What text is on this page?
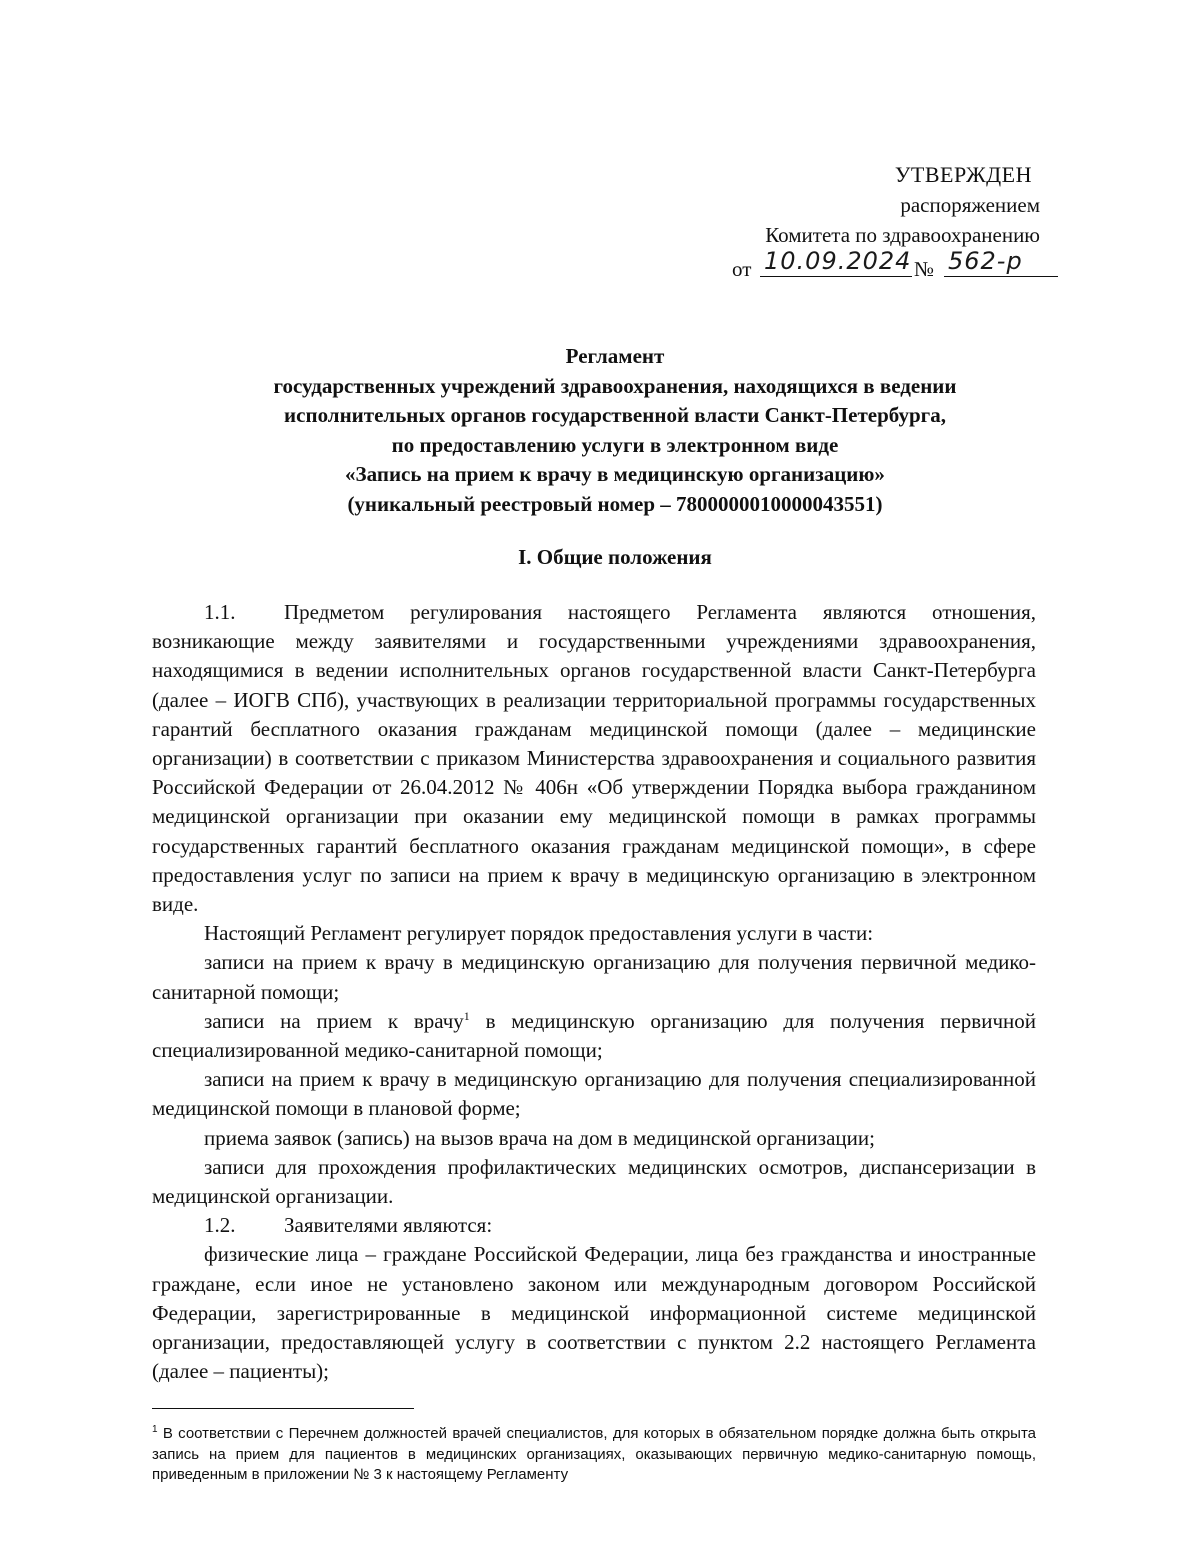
УТВЕРЖДЕН
распоряжением
Комитета по здравоохранению
от 10.09.2024 № 562-р
Регламент
государственных учреждений здравоохранения, находящихся в ведении
исполнительных органов государственной власти Санкт-Петербурга,
по предоставлению услуги в электронном виде
«Запись на прием к врачу в медицинскую организацию»
(уникальный реестровый номер – 7800000010000043551)
I. Общие положения

1.1. Предметом регулирования настоящего Регламента являются отношения, возникающие между заявителями и государственными учреждениями здравоохранения, находящимися в ведении исполнительных органов государственной власти Санкт-Петербурга (далее – ИОГВ СПб), участвующих в реализации территориальной программы государственных гарантий бесплатного оказания гражданам медицинской помощи (далее – медицинские организации) в соответствии с приказом Министерства здравоохранения и социального развития Российской Федерации от 26.04.2012 № 406н «Об утверждении Порядка выбора гражданином медицинской организации при оказании ему медицинской помощи в рамках программы государственных гарантий бесплатного оказания гражданам медицинской помощи», в сфере предоставления услуг по записи на прием к врачу в медицинскую организацию в электронном виде.

Настоящий Регламент регулирует порядок предоставления услуги в части:

записи на прием к врачу в медицинскую организацию для получения первичной медико-санитарной помощи;

записи на прием к врачу$^1$ в медицинскую организацию для получения первичной специализированной медико-санитарной помощи;

записи на прием к врачу в медицинскую организацию для получения специализированной медицинской помощи в плановой форме;

приема заявок (запись) на вызов врача на дом в медицинской организации;

записи для прохождения профилактических медицинских осмотров, диспансеризации в медицинской организации.

1.2. Заявителями являются:

физические лица – граждане Российской Федерации, лица без гражданства и иностранные граждане, если иное не установлено законом или международным договором Российской Федерации, зарегистрированные в медицинской информационной системе медицинской организации, предоставляющей услугу в соответствии с пунктом 2.2 настоящего Регламента (далее – пациенты);

$^1$ В соответствии с Перечнем должностей врачей специалистов, для которых в обязательном порядке должна быть открыта запись на прием для пациентов в медицинских организациях, оказывающих первичную медико-санитарную помощь, приведенным в приложении № 3 к настоящему Регламенту
